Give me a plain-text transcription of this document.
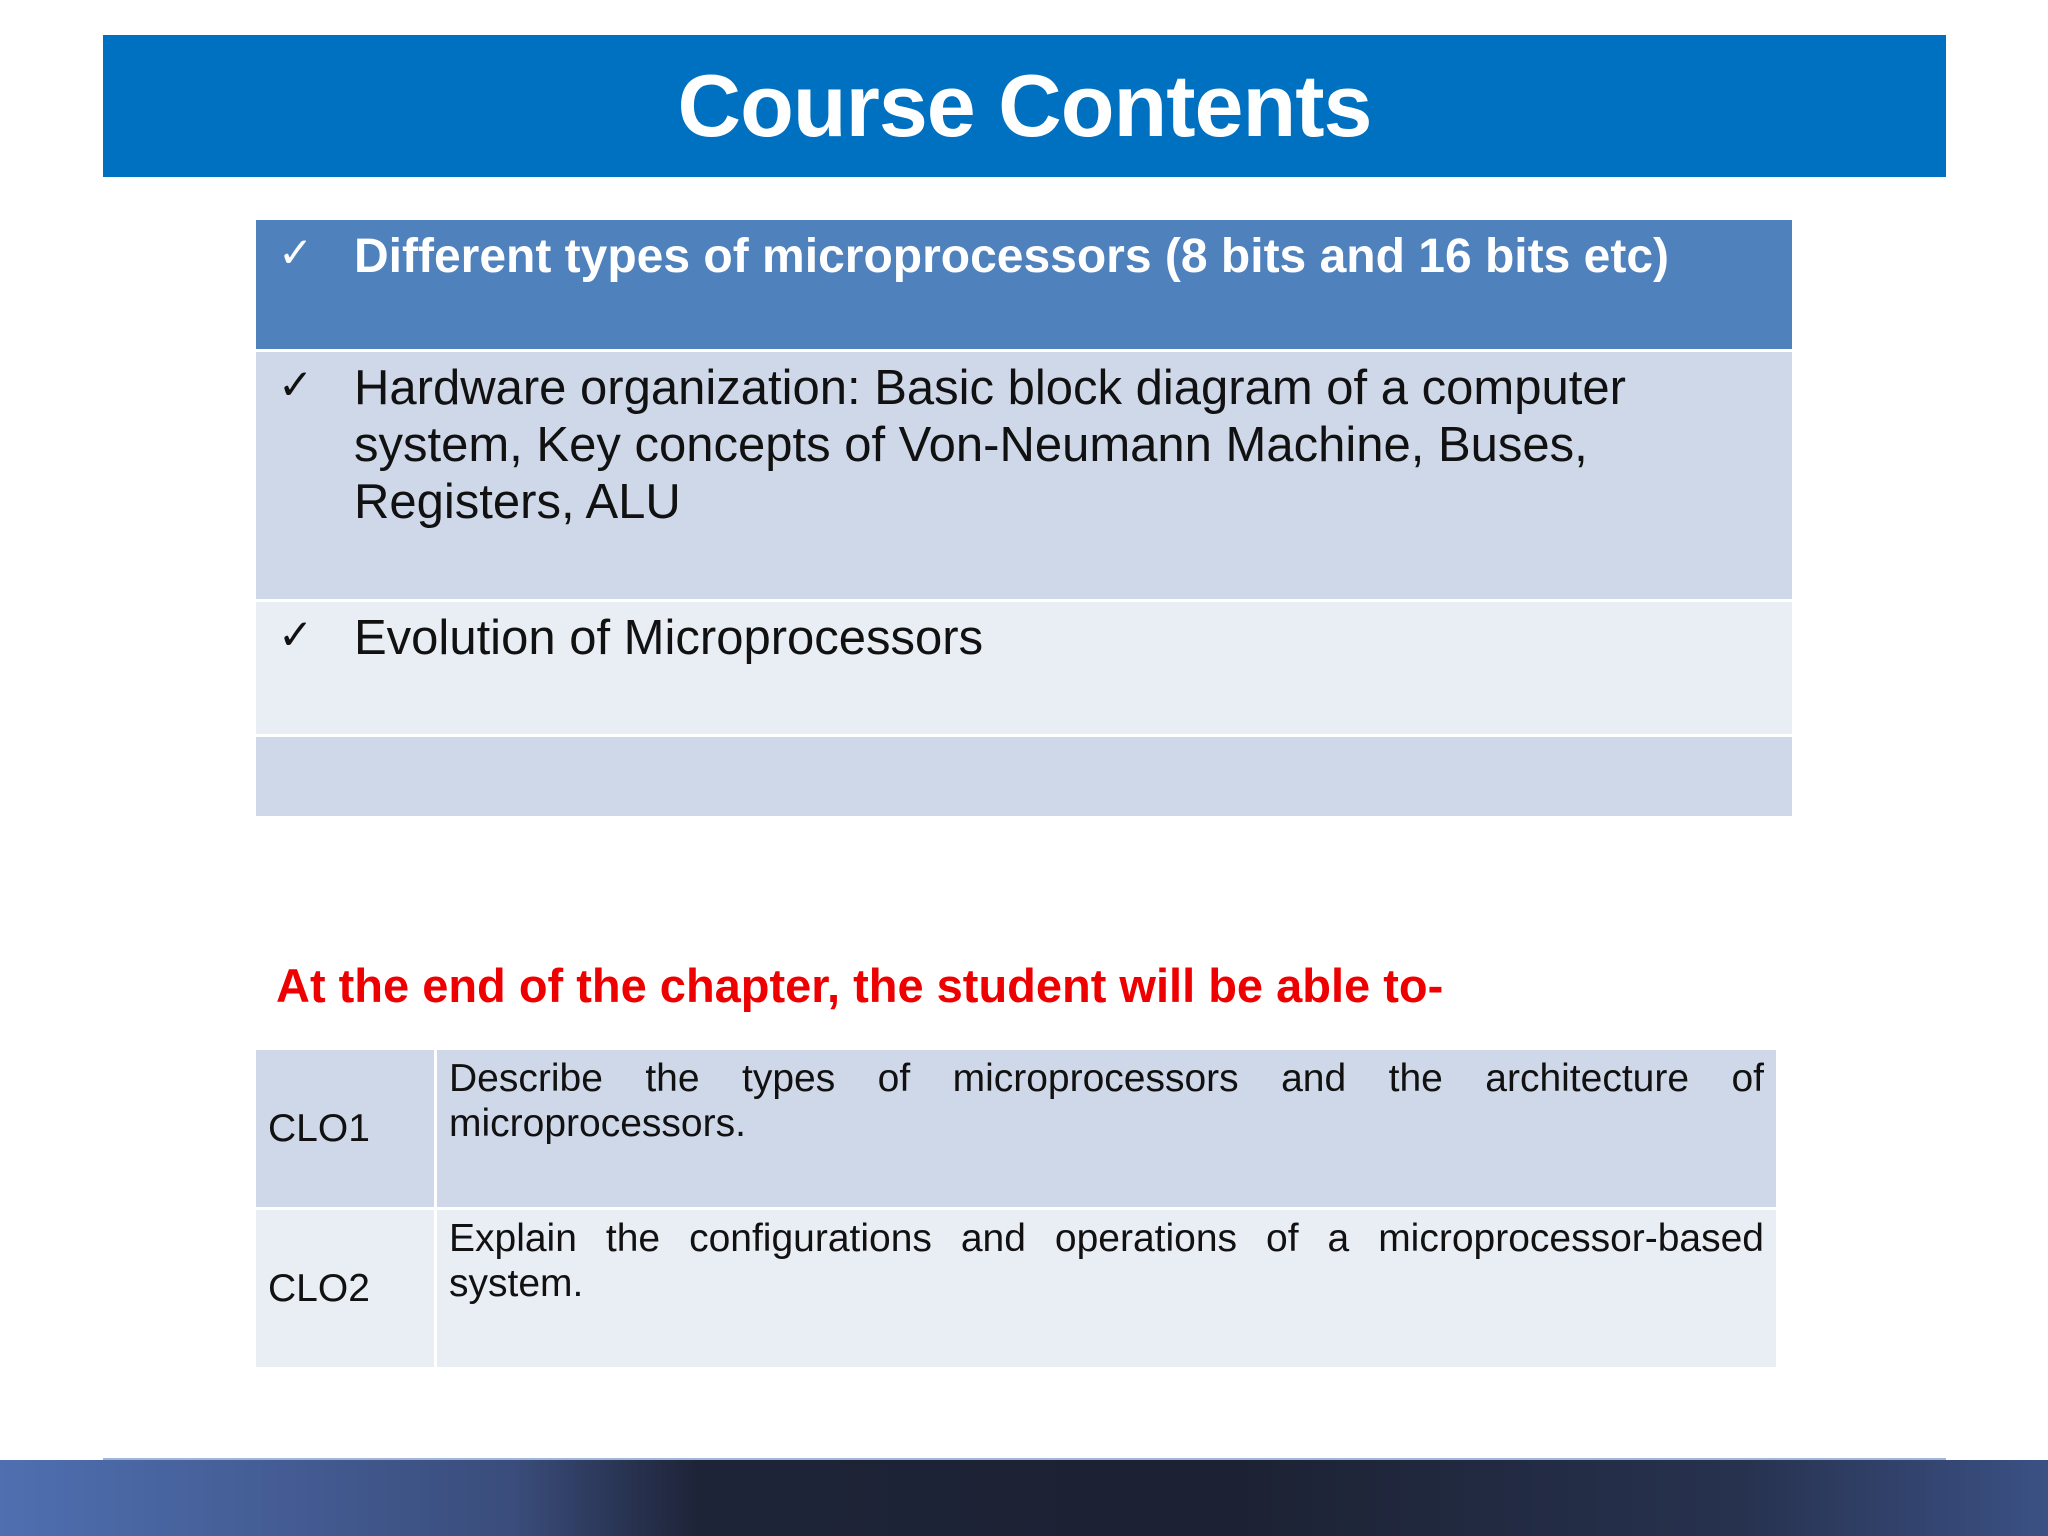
Course Contents
✓ Different types of microprocessors (8 bits and 16 bits etc)
✓ Hardware organization: Basic block diagram of a computer system, Key concepts of Von-Neumann Machine, Buses, Registers, ALU
✓ Evolution of Microprocessors

At the end of the chapter, the student will be able to-

CLO1
Describe the types of microprocessors and the architecture of microprocessors.
CLO2
Explain the configurations and operations of a microprocessor-based system.
